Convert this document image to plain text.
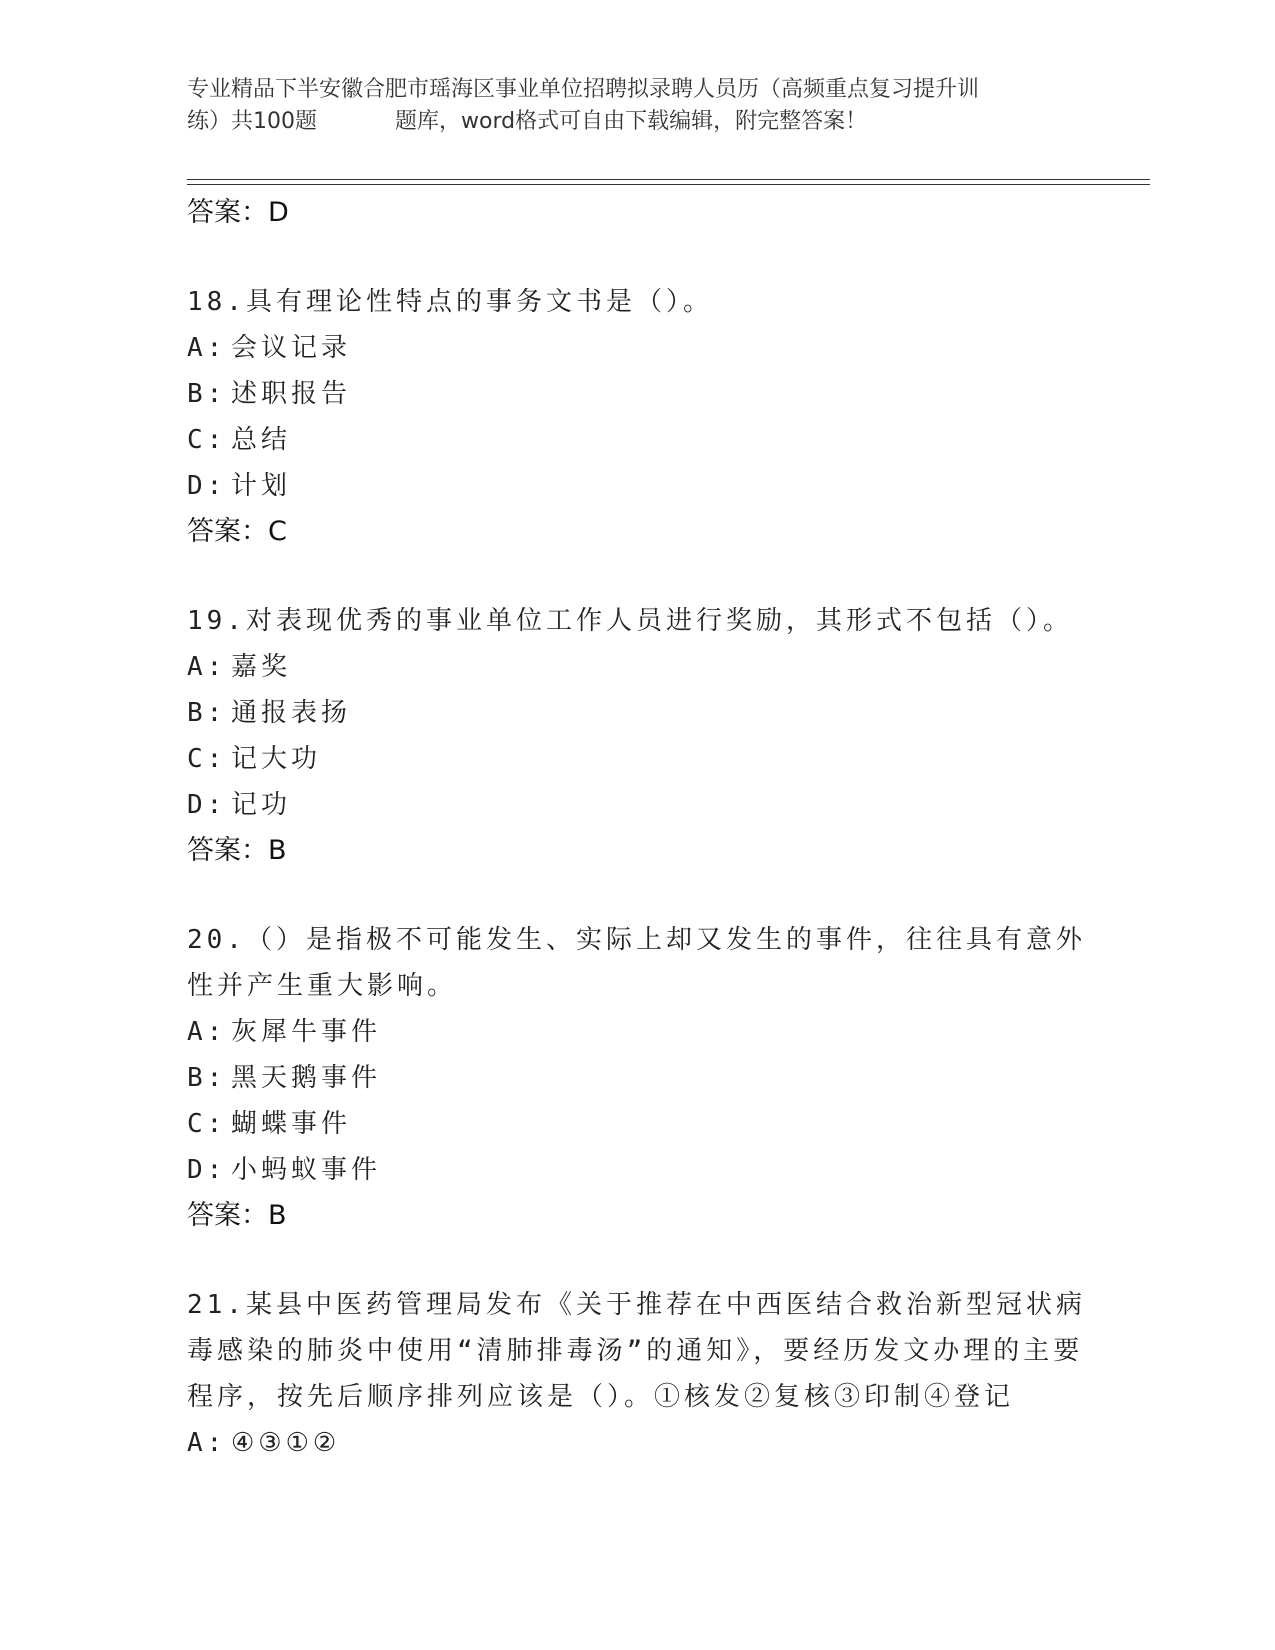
专业精品下半安徽合肥市瑶海区事业单位招聘拟录聘人员历（高频重点复习提升训
练）共100题	题库，word格式可自由下载编辑，附完整答案！

答案：D

18.具有理论性特点的事务文书是（）。

A: 会议记录

B: 述职报告

C: 总结

D: 计划

答案：C

19.对表现优秀的事业单位工作人员进行奖励，其形式不包括（）。

A: 嘉奖

B: 通报表扬

C: 记大功

D: 记功

答案：B

20.（）是指极不可能发生、实际上却又发生的事件，往往具有意外性并产生重大影响。

A: 灰犀牛事件

B: 黑天鹅事件

C: 蝴蝶事件

D: 小蚂蚁事件

答案：B

21.某县中医药管理局发布《关于推荐在中西医结合救治新型冠状病毒感染的肺炎中使用“清肺排毒汤”的通知》，要经历发文办理的主要程序，按先后顺序排列应该是（）。①核发②复核③印制④登记

A: ④③①②
